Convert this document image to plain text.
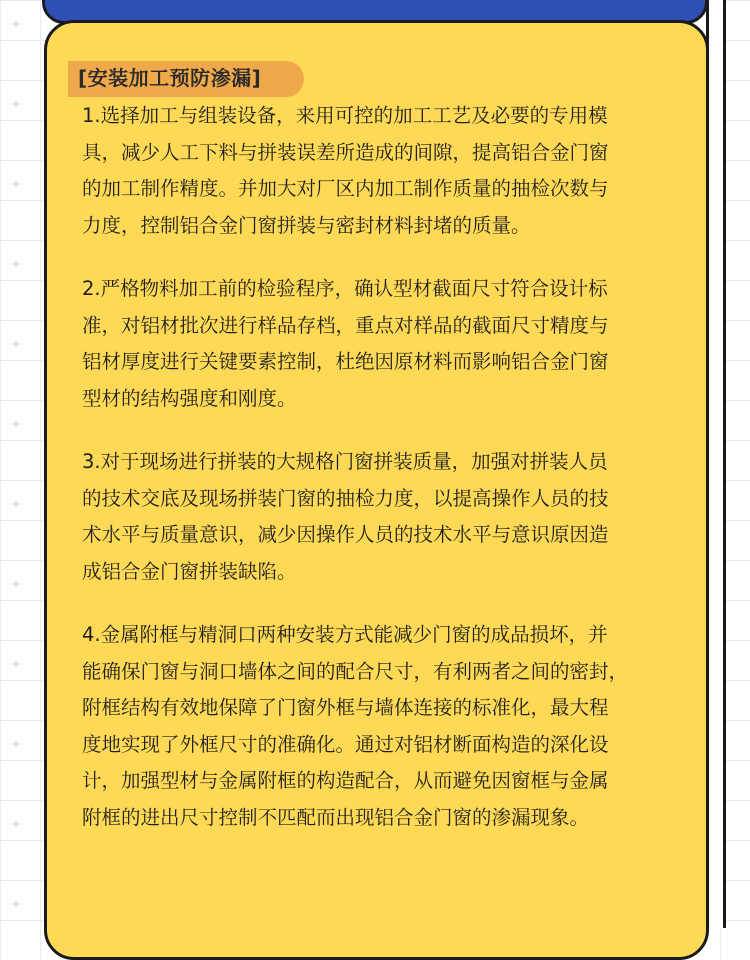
[安装加工预防渗漏]
1.选择加工与组装设备，来用可控的加工工艺及必要的专用模
具，减少人工下料与拼装误差所造成的间隙，提高铝合金门窗
的加工制作精度。并加大对厂区内加工制作质量的抽检次数与
力度，控制铝合金门窗拼装与密封材料封堵的质量。
2.严格物料加工前的检验程序，确认型材截面尺寸符合设计标
准，对铝材批次进行样品存档，重点对样品的截面尺寸精度与
铝材厚度进行关键要素控制，杜绝因原材料而影响铝合金门窗
型材的结构强度和刚度。
3.对于现场进行拼装的大规格门窗拼装质量，加强对拼装人员
的技术交底及现场拼装门窗的抽检力度，以提高操作人员的技
术水平与质量意识，减少因操作人员的技术水平与意识原因造
成铝合金门窗拼装缺陷。
4.金属附框与精洞口两种安装方式能减少门窗的成品损坏，并
能确保门窗与洞口墙体之间的配合尺寸，有利两者之间的密封，
附框结构有效地保障了门窗外框与墙体连接的标准化，最大程
度地实现了外框尺寸的准确化。通过对铝材断面构造的深化设
计，加强型材与金属附框的构造配合，从而避免因窗框与金属
附框的进出尺寸控制不匹配而出现铝合金门窗的渗漏现象。
